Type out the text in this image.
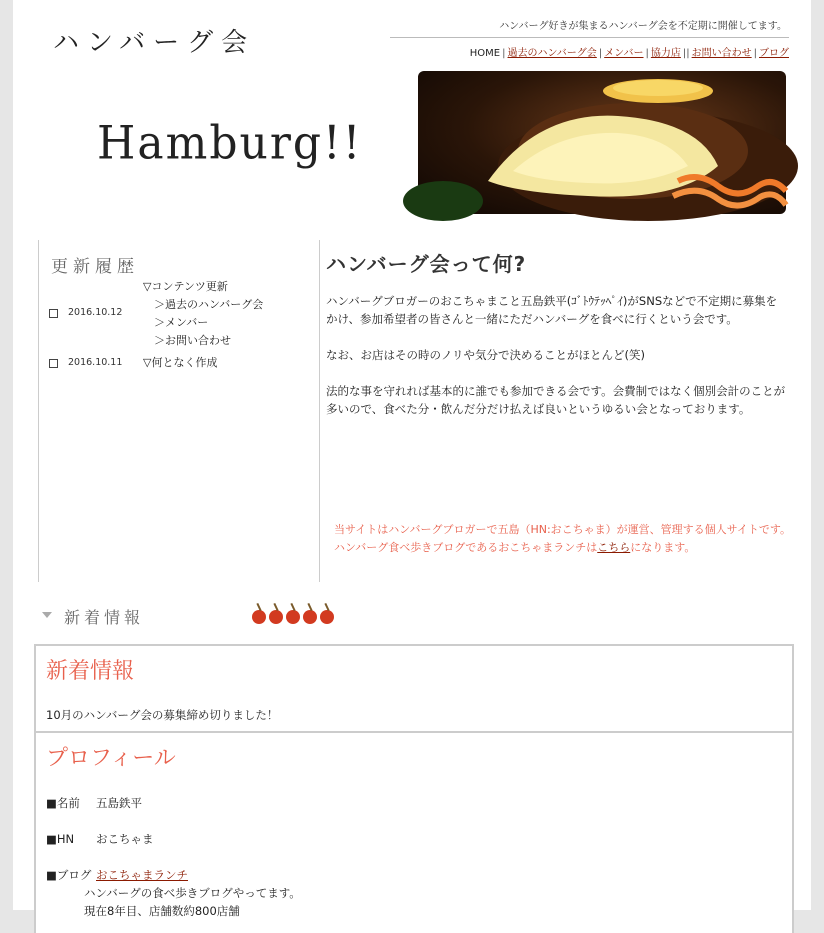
ハンバーグ会
ハンバーグ好きが集まるハンバーグ会を不定期に開催してます。
HOME | 過去のハンバーグ会 | メンバー | 協力店 || お問い合わせ | ブログ
Hamburg!!
更新履歴
2016.10.12
▽コンテンツ更新
　＞過去のハンバーグ会
　＞メンバー
　＞お問い合わせ
2016.10.11 ▽何となく作成
ハンバーグ会って何?

ハンバーグブロガーのおこちゃまこと五島鉄平(ｺﾞﾄｳﾃｯﾍﾟｲ)がSNSなどで不定期に募集をかけ、参加希望者の皆さんと一緒にただハンバーグを食べに行くという会です。

なお、お店はその時のノリや気分で決めることがほとんど(笑)

法的な事を守れれば基本的に誰でも参加できる会です。会費制ではなく個別会計のことが多いので、食べた分・飲んだ分だけ払えば良いというゆるい会となっております。

当サイトはハンバーグブロガーで五島（HN:おこちゃま）が運営、管理する個人サイトです。
ハンバーグ食べ歩きブログであるおこちゃまランチはこちらになります。
新着情報
新着情報
10月のハンバーグ会の募集締め切りました！
プロフィール
■名前 五島鉄平
■HN おこちゃま
■ブログ おこちゃまランチ
ハンバーグの食べ歩きブログやってます。
現在8年目、店舗数約800店舗
